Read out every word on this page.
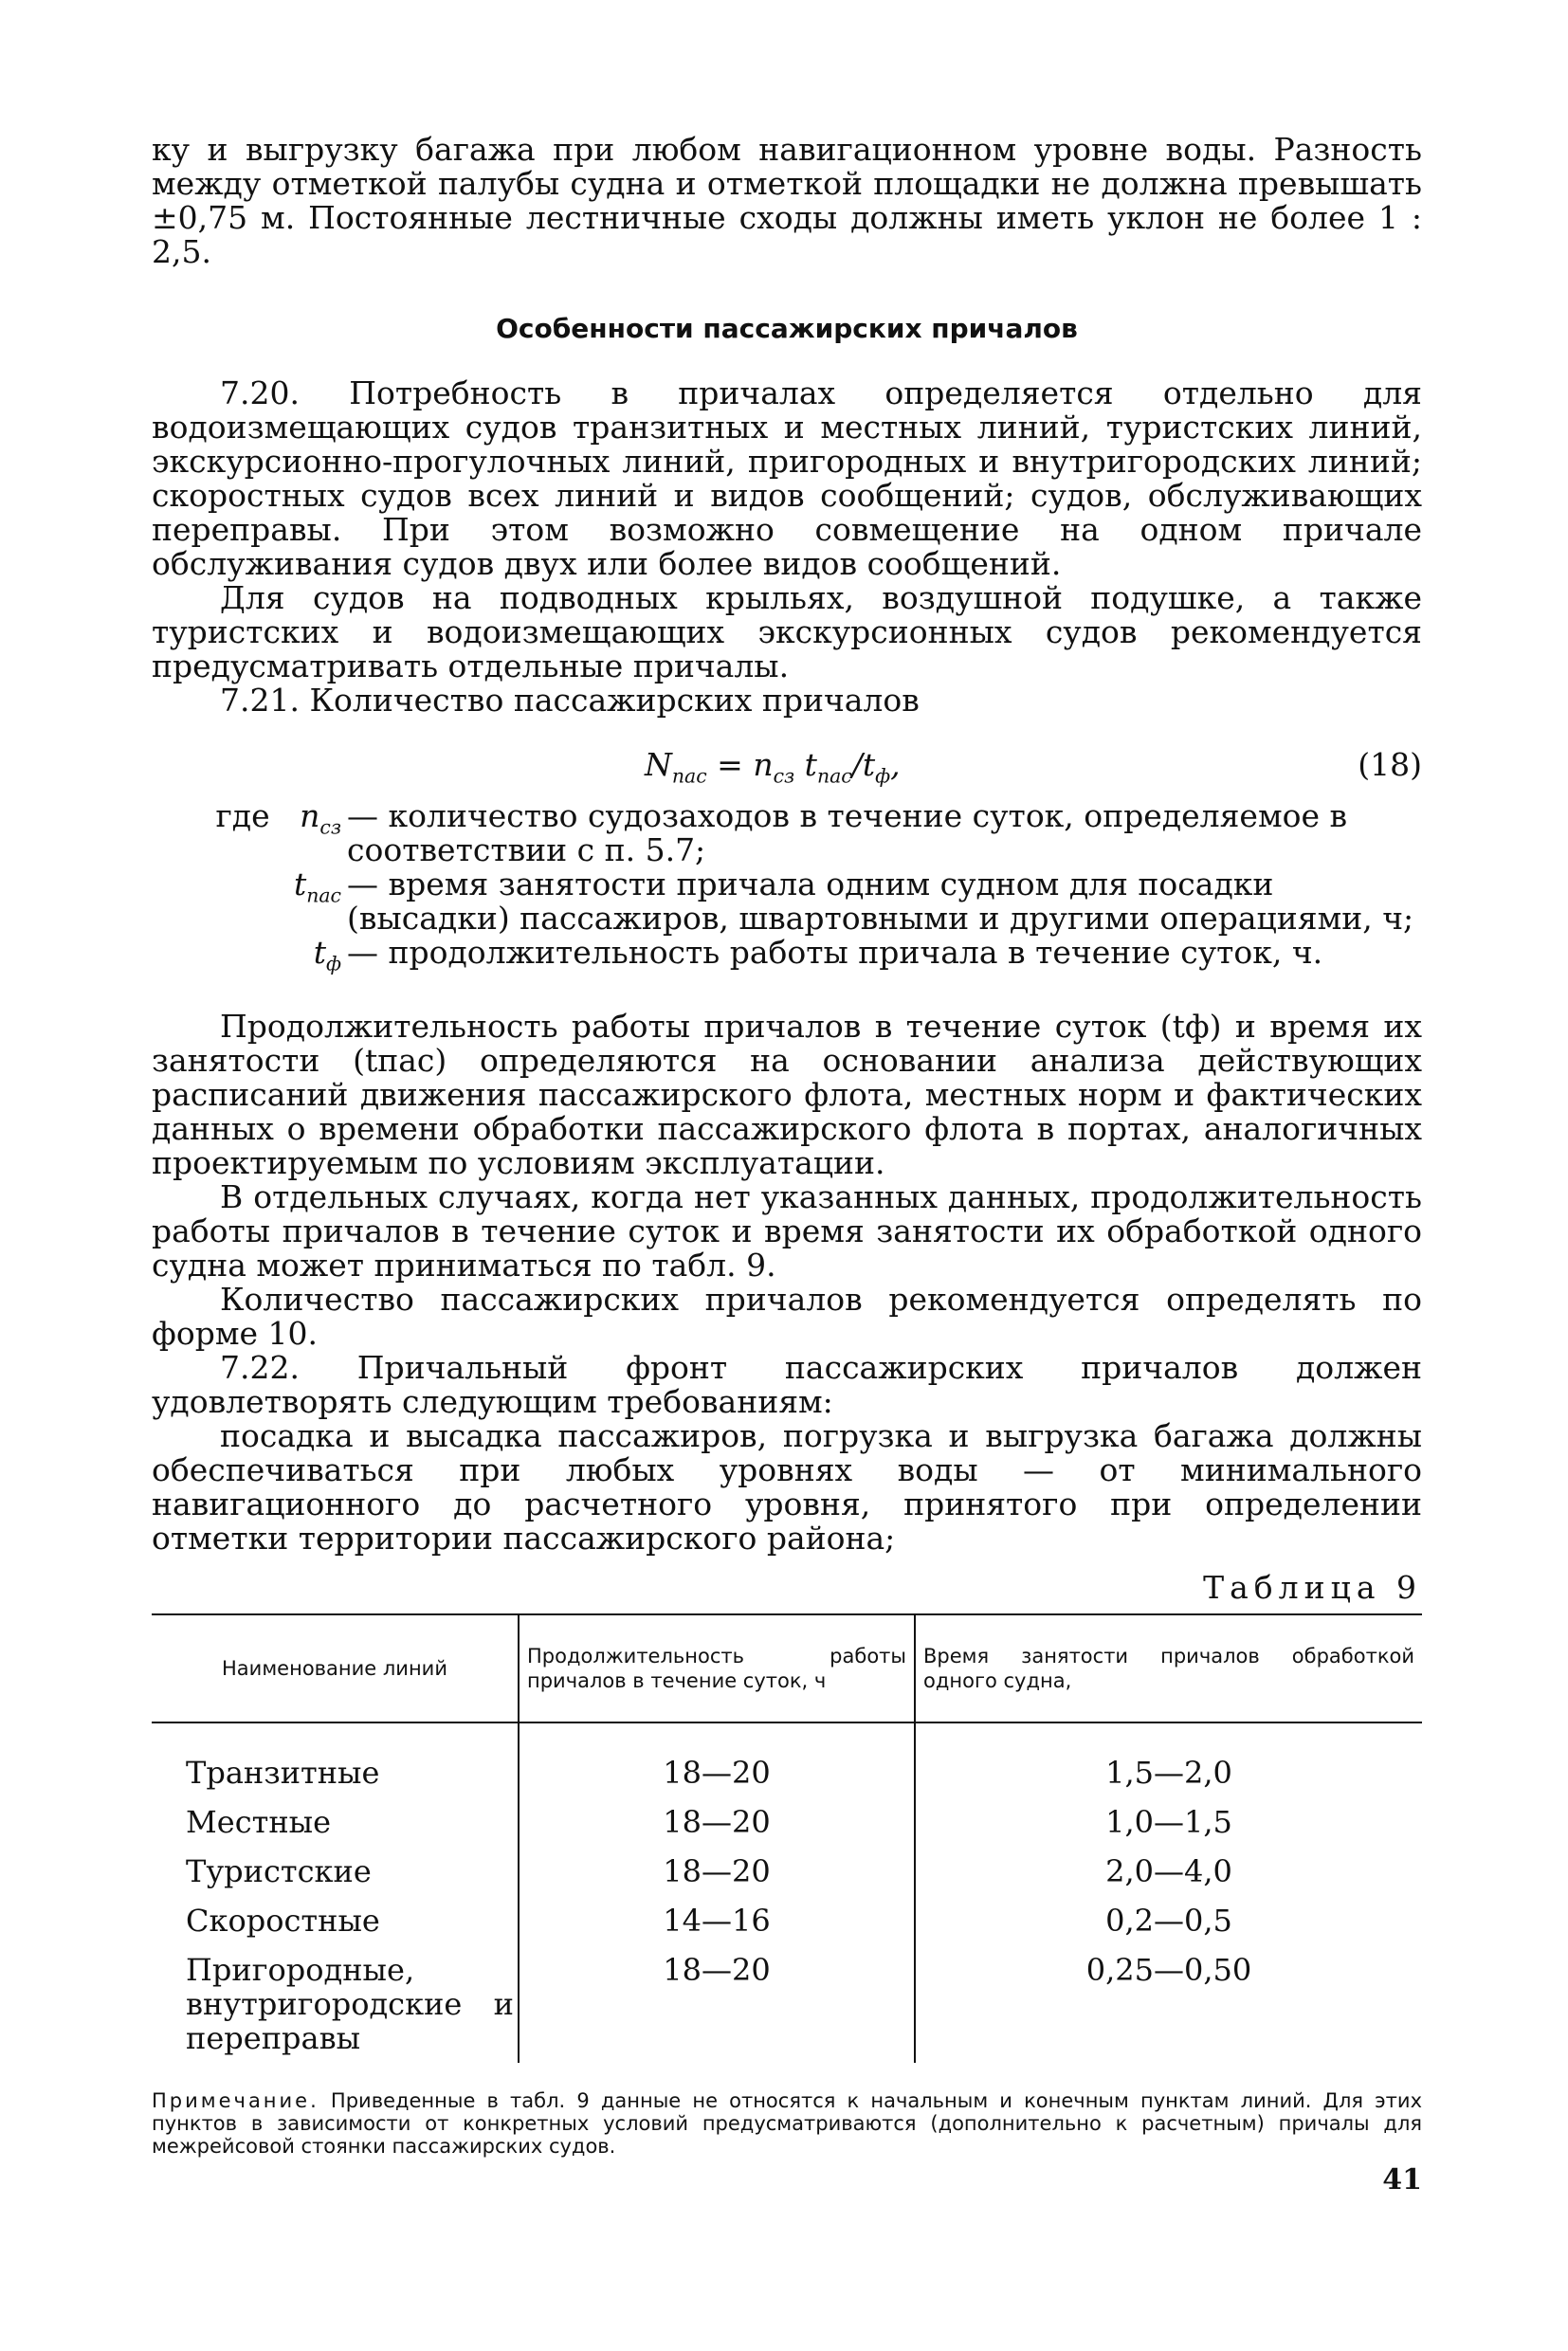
ку и выгрузку багажа при любом навигационном уровне воды. Разность между отметкой палубы судна и отметкой площадки не должна превышать ±0,75 м. Постоянные лестничные сходы должны иметь уклон не более 1 : 2,5.

Особенности пассажирских причалов

7.20. Потребность в причалах определяется отдельно для водоизмещающих судов транзитных и местных линий, туристских линий, экскурсионно-прогулочных линий, пригородных и внутригородских линий; скоростных судов всех линий и видов сообщений; судов, обслуживающих переправы. При этом возможно совмещение на одном причале обслуживания судов двух или более видов сообщений.

Для судов на подводных крыльях, воздушной подушке, а также туристских и водоизмещающих экскурсионных судов рекомендуется предусматривать отдельные причалы.

7.21. Количество пассажирских причалов

$N_{пас} = n_{сз}$ $t_{пас}/t_ф$,	(18)
где $n_{сз}$ — количество судозаходов в течение суток, определяемое в соответствии с п. 5.7;
$t_{пас}$ — время занятости причала одним судном для посадки (высадки) пассажиров, швартовными и другими операциями, ч;
$t_ф$ — продолжительность работы причала в течение суток, ч.

Продолжительность работы причалов в течение суток (tф) и время их занятости (tпас) определяются на основании анализа действующих расписаний движения пассажирского флота, местных норм и фактических данных о времени обработки пассажирского флота в портах, аналогичных проектируемым по условиям эксплуатации.

В отдельных случаях, когда нет указанных данных, продолжительность работы причалов в течение суток и время занятости их обработкой одного судна может приниматься по табл. 9.

Количество пассажирских причалов рекомендуется определять по форме 10.

7.22. Причальный фронт пассажирских причалов должен удовлетворять следующим требованиям:

посадка и высадка пассажиров, погрузка и выгрузка багажа должны обеспечиваться при любых уровнях воды — от минимального навигационного до расчетного уровня, принятого при определении отметки территории пассажирского района;

Таблица 9
Наименование линий	Продолжительность работы причалов в течение суток, ч	Время занятости причалов обработкой одного судна,
Транзитные	18—20	1,5—2,0
Местные	18—20	1,0—1,5
Туристские	18—20	2,0—4,0
Скоростные	14—16	0,2—0,5
Пригородные, внутригородские и переправы	18—20	0,25—0,50
Примечание. Приведенные в табл. 9 данные не относятся к начальным и конечным пунктам линий. Для этих пунктов в зависимости от конкретных условий предусматриваются (дополнительно к расчетным) причалы для межрейсовой стоянки пассажирских судов.
41
